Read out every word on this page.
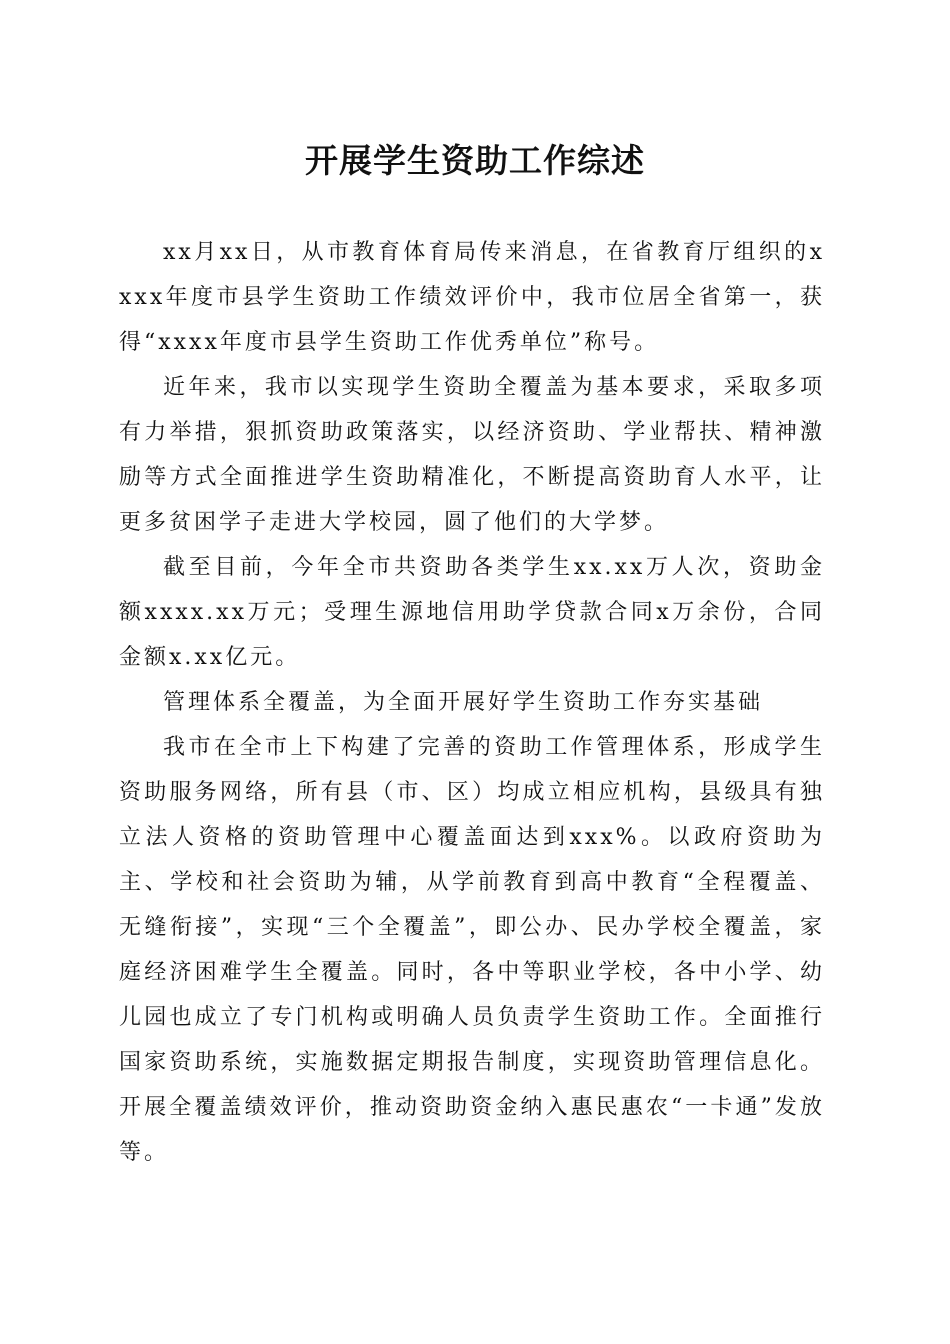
开展学生资助工作综述

xx月xx日，从市教育体育局传来消息，在省教育厅组织的xxxx年度市县学生资助工作绩效评价中，我市位居全省第一，获得“xxxx年度市县学生资助工作优秀单位”称号。

近年来，我市以实现学生资助全覆盖为基本要求，采取多项有力举措，狠抓资助政策落实，以经济资助、学业帮扶、精神激励等方式全面推进学生资助精准化，不断提高资助育人水平，让更多贫困学子走进大学校园，圆了他们的大学梦。

截至目前，今年全市共资助各类学生xx.xx万人次，资助金额xxxx.xx万元；受理生源地信用助学贷款合同x万余份，合同金额x.xx亿元。

管理体系全覆盖，为全面开展好学生资助工作夯实基础

我市在全市上下构建了完善的资助工作管理体系，形成学生资助服务网络，所有县（市、区）均成立相应机构，县级具有独立法人资格的资助管理中心覆盖面达到xxx%。以政府资助为主、学校和社会资助为辅，从学前教育到高中教育“全程覆盖、无缝衔接”，实现“三个全覆盖”，即公办、民办学校全覆盖，家庭经济困难学生全覆盖。同时，各中等职业学校，各中小学、幼儿园也成立了专门机构或明确人员负责学生资助工作。全面推行国家资助系统，实施数据定期报告制度，实现资助管理信息化。开展全覆盖绩效评价，推动资助资金纳入惠民惠农“一卡通”发放等。
